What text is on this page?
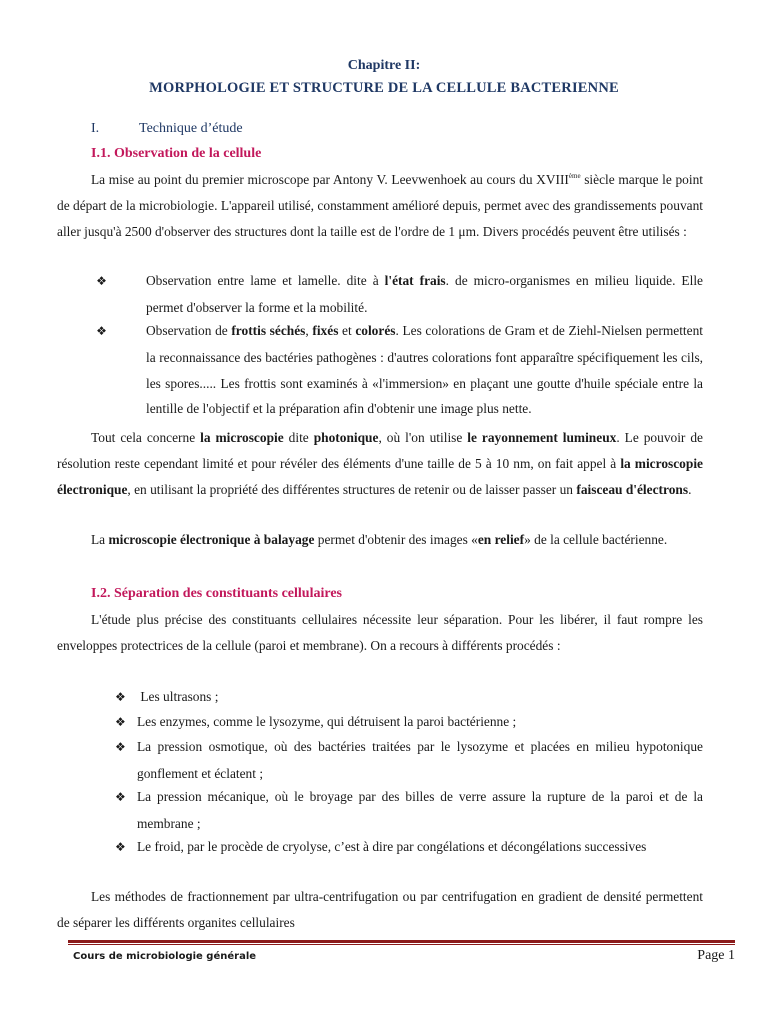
Chapitre II:
MORPHOLOGIE ET STRUCTURE DE LA CELLULE BACTERIENNE
I.	Technique d’étude
I.1. Observation de la cellule

La mise au point du premier microscope par Antony V. Leevwenhoek au cours du XVIIIème siècle marque le point de départ de la microbiologie. L'appareil utilisé, constamment amélioré depuis, permet avec des grandissements pouvant aller jusqu'à 2500 d'observer des structures dont la taille est de l'ordre de 1 μm. Divers procédés peuvent être utilisés :

❖	Observation entre lame et lamelle. dite à l'état frais. de micro-organismes en milieu liquide. Elle permet d'observer la forme et la mobilité.

❖	Observation de frottis séchés, fixés et colorés. Les colorations de Gram et de Ziehl-Nielsen permettent la reconnaissance des bactéries pathogènes : d'autres colorations font apparaître spécifiquement les cils, les spores..... Les frottis sont examinés à «l'immersion» en plaçant une goutte d'huile spéciale entre la lentille de l'objectif et la préparation afin d'obtenir une image plus nette.

Tout cela concerne la microscopie dite photonique, où l'on utilise le rayonnement lumineux. Le pouvoir de résolution reste cependant limité et pour révéler des éléments d'une taille de 5 à 10 nm, on fait appel à la microscopie électronique, en utilisant la propriété des différentes structures de retenir ou de laisser passer un faisceau d'électrons.

La microscopie électronique à balayage permet d'obtenir des images «en relief» de la cellule bactérienne.

I.2. Séparation des constituants cellulaires

L'étude plus précise des constituants cellulaires nécessite leur séparation. Pour les libérer, il faut rompre les enveloppes protectrices de la cellule (paroi et membrane). On a recours à différents procédés :

❖ Les ultrasons ;

❖ Les enzymes, comme le lysozyme, qui détruisent la paroi bactérienne ;

❖ La pression osmotique, où des bactéries traitées par le lysozyme et placées en milieu hypotonique gonflement et éclatent ;

❖ La pression mécanique, où le broyage par des billes de verre assure la rupture de la paroi et de la membrane ;

❖ Le froid, par le procède de cryolyse, c’est à dire par congélations et décongélations successives

Les méthodes de fractionnement par ultra-centrifugation ou par centrifugation en gradient de densité permettent de séparer les différents organites cellulaires

Cours de microbiologie générale	Page 1
